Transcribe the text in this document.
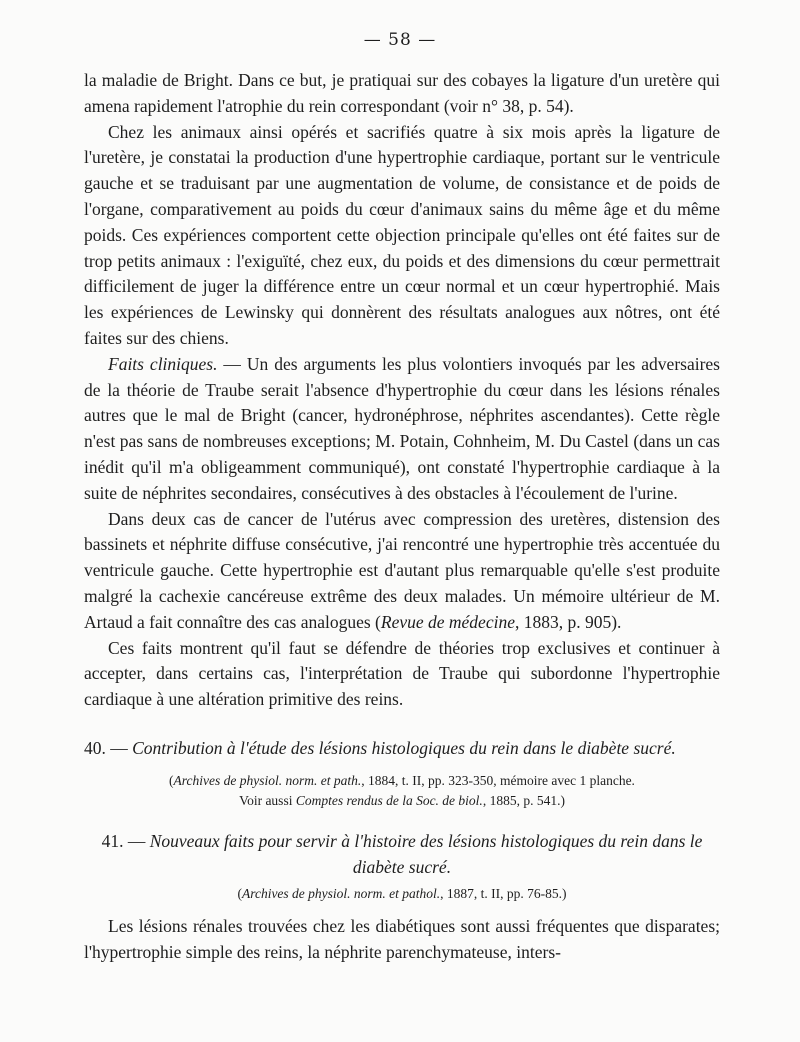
— 58 —

la maladie de Bright. Dans ce but, je pratiquai sur des cobayes la ligature d'un uretère qui amena rapidement l'atrophie du rein correspondant (voir n° 38, p. 54).

Chez les animaux ainsi opérés et sacrifiés quatre à six mois après la ligature de l'uretère, je constatai la production d'une hypertrophie cardiaque, portant sur le ventricule gauche et se traduisant par une augmentation de volume, de consistance et de poids de l'organe, comparativement au poids du cœur d'animaux sains du même âge et du même poids. Ces expériences comportent cette objection principale qu'elles ont été faites sur de trop petits animaux : l'exiguïté, chez eux, du poids et des dimensions du cœur permettrait difficilement de juger la différence entre un cœur normal et un cœur hypertrophié. Mais les expériences de Lewinsky qui donnèrent des résultats analogues aux nôtres, ont été faites sur des chiens.

Faits cliniques. — Un des arguments les plus volontiers invoqués par les adversaires de la théorie de Traube serait l'absence d'hypertrophie du cœur dans les lésions rénales autres que le mal de Bright (cancer, hydronéphrose, néphrites ascendantes). Cette règle n'est pas sans de nombreuses exceptions; M. Potain, Cohnheim, M. Du Castel (dans un cas inédit qu'il m'a obligeamment communiqué), ont constaté l'hypertrophie cardiaque à la suite de néphrites secondaires, consécutives à des obstacles à l'écoulement de l'urine.

Dans deux cas de cancer de l'utérus avec compression des uretères, distension des bassinets et néphrite diffuse consécutive, j'ai rencontré une hypertrophie très accentuée du ventricule gauche. Cette hypertrophie est d'autant plus remarquable qu'elle s'est produite malgré la cachexie cancéreuse extrême des deux malades. Un mémoire ultérieur de M. Artaud a fait connaître des cas analogues (Revue de médecine, 1883, p. 905).

Ces faits montrent qu'il faut se défendre de théories trop exclusives et continuer à accepter, dans certains cas, l'interprétation de Traube qui subordonne l'hypertrophie cardiaque à une altération primitive des reins.

40. — Contribution à l'étude des lésions histologiques du rein dans le diabète sucré.
(Archives de physiol. norm. et path., 1884, t. II, pp. 323-350, mémoire avec 1 planche.
Voir aussi Comptes rendus de la Soc. de biol., 1885, p. 541.)
41. — Nouveaux faits pour servir à l'histoire des lésions histologiques du rein dans le diabète sucré.
(Archives de physiol. norm. et pathol., 1887, t. II, pp. 76-85.)

Les lésions rénales trouvées chez les diabétiques sont aussi fréquentes que disparates; l'hypertrophie simple des reins, la néphrite parenchymateuse, inters-
